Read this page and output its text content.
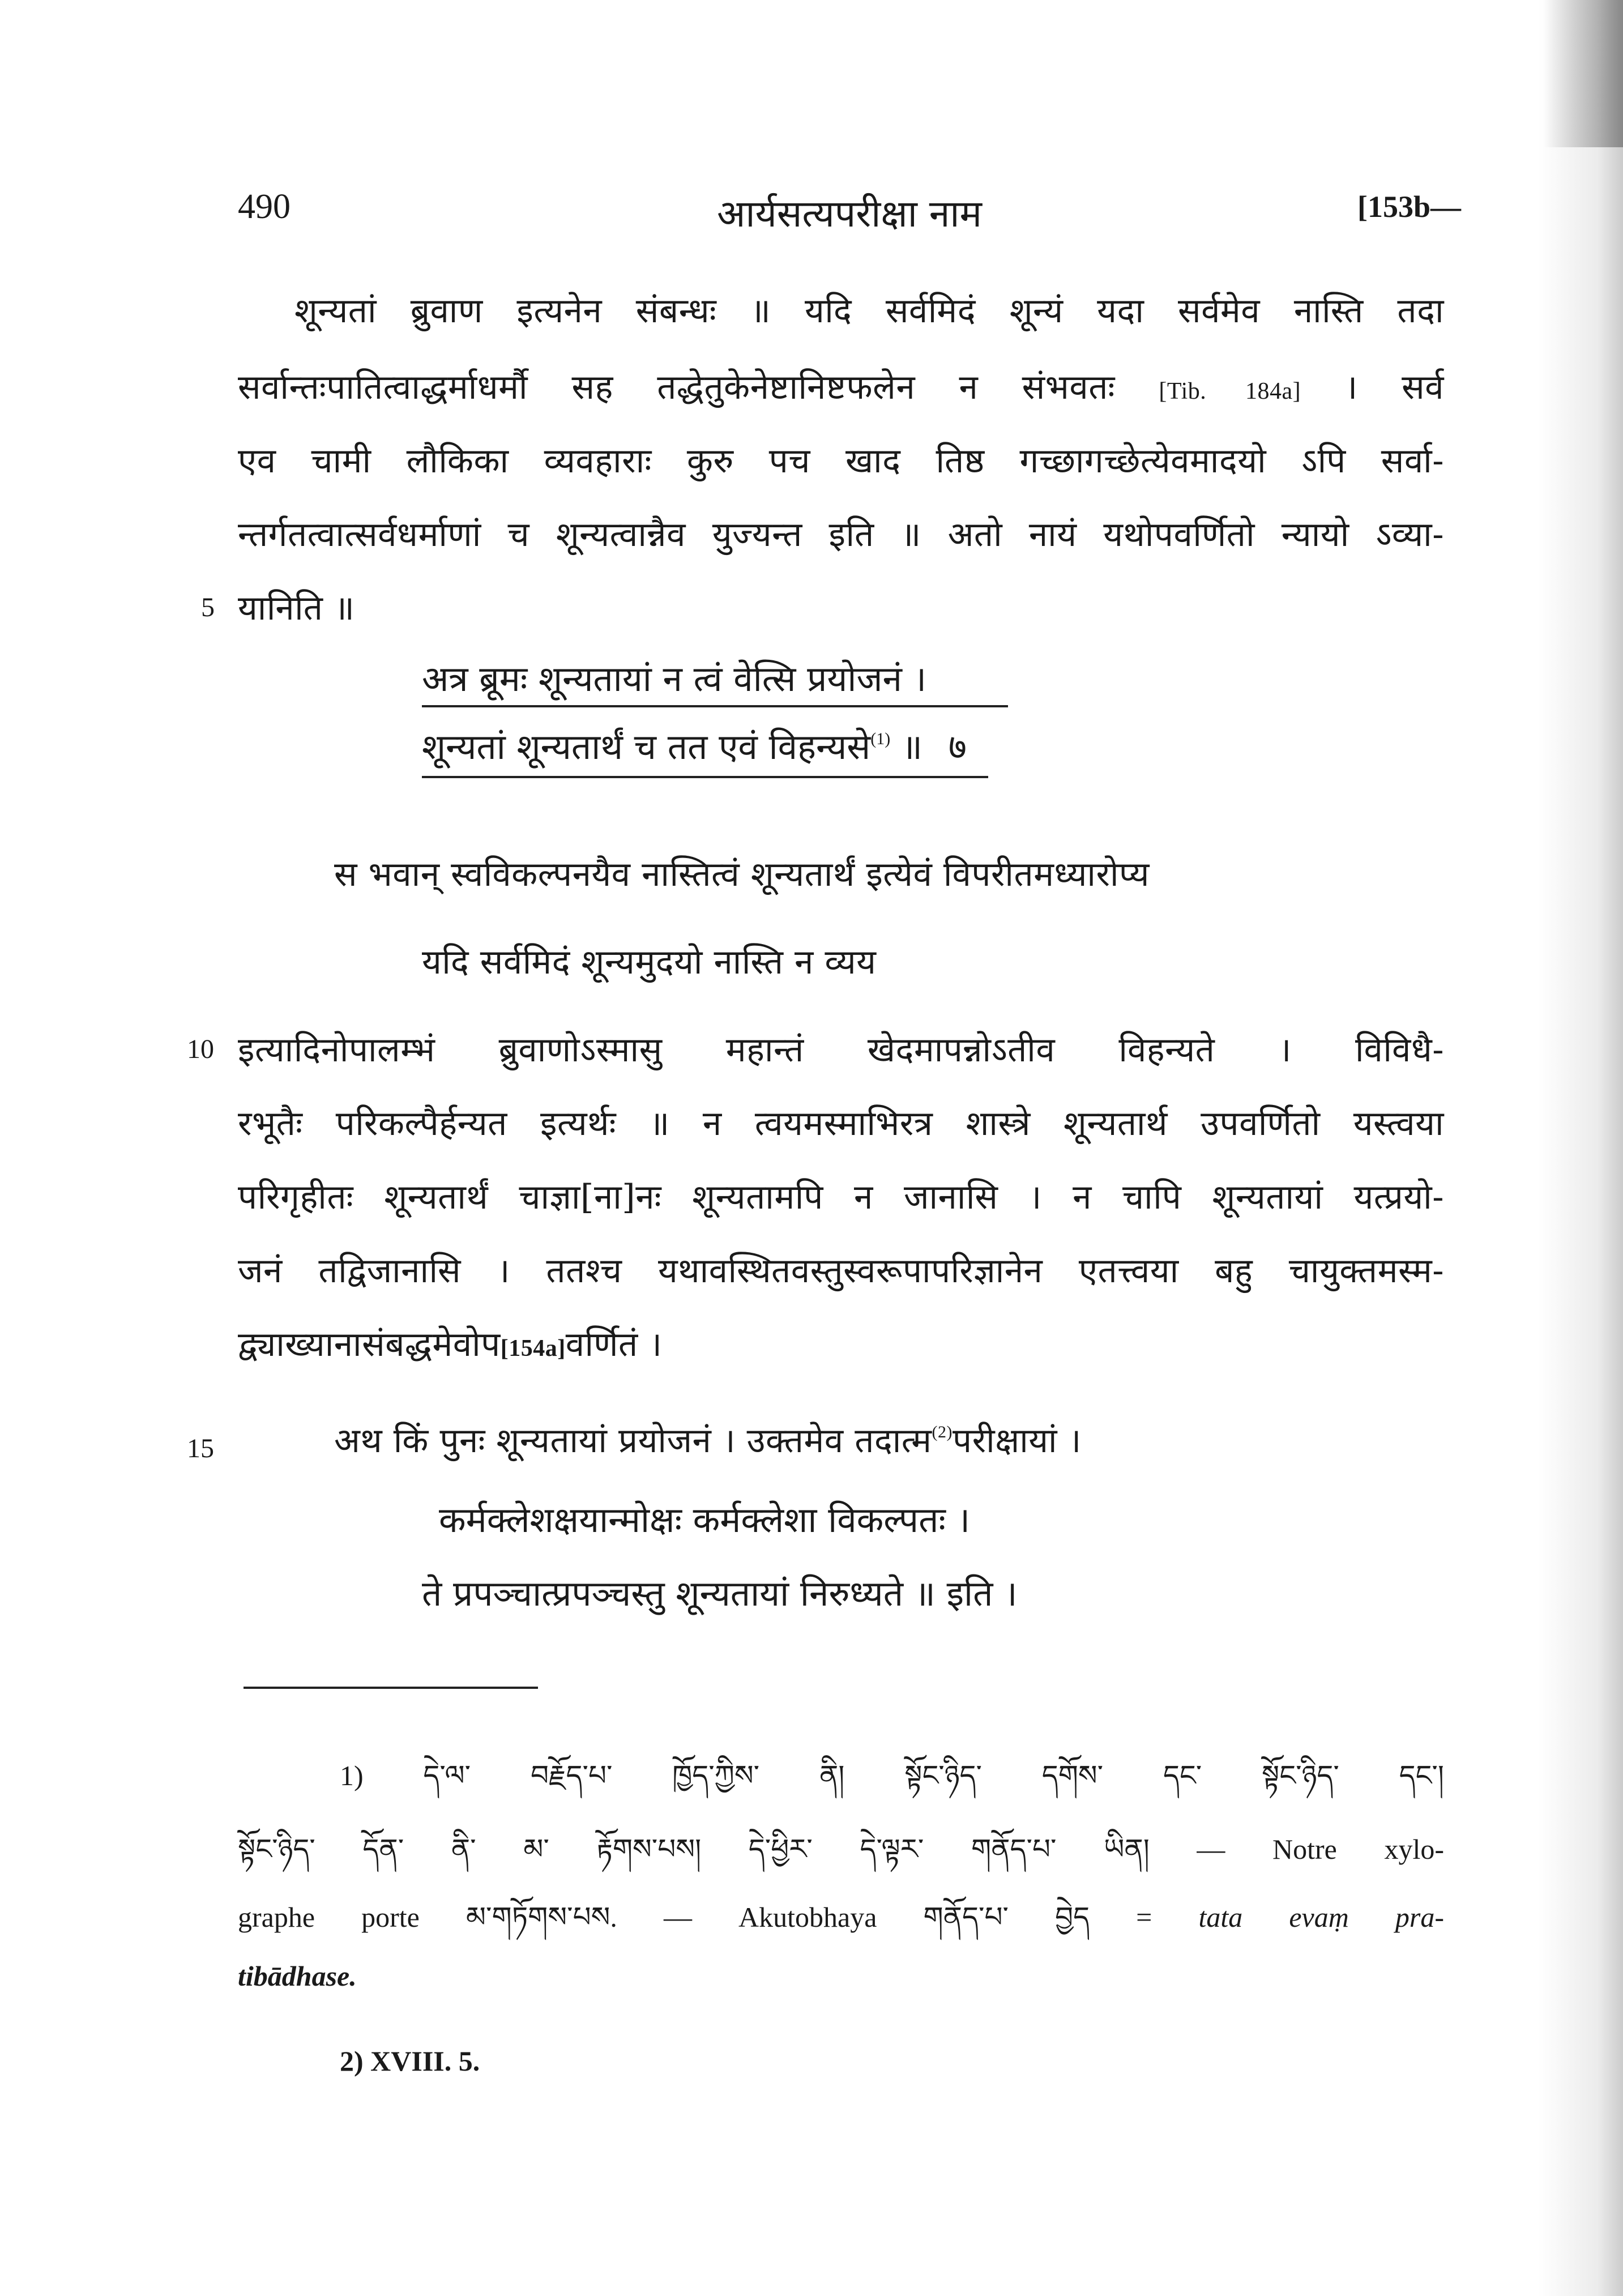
490	आर्यसत्यपरीक्षा नाम	[153b—
शून्यतां ब्रुवाण इत्यनेन संबन्धः ॥ यदि सर्वमिदं शून्यं यदा सर्वमेव नास्ति तदा
सर्वान्तःपातित्वाद्धर्माधर्मौ सह तद्धेतुकेनेष्टानिष्टफलेन न संभवतः [Tib. 184a] । सर्व
एव चामी लौकिका व्यवहाराः कुरु पच खाद तिष्ठ गच्छागच्छेत्येवमादयो ऽपि सर्वा-
न्तर्गतत्वात्सर्वधर्माणां च शून्यत्वान्नैव युज्यन्त इति ॥ अतो नायं यथोपवर्णितो न्यायो ऽव्या-
5 यानिति ॥
अत्र ब्रूमः शून्यतायां न त्वं वेत्सि प्रयोजनं ।
शून्यतां शून्यतार्थं च तत एवं विहन्यसे$^{(1)}$ ॥ ७
स भवान् स्वविकल्पनयैव नास्तित्वं शून्यतार्थं इत्येवं विपरीतमध्यारोप्य
यदि सर्वमिदं शून्यमुदयो नास्ति न व्यय
10 इत्यादिनोपालम्भं ब्रुवाणोऽस्मासु महान्तं खेदमापन्नोऽतीव विहन्यते । विविधै-
रभूतैः परिकल्पैर्हन्यत इत्यर्थः ॥ न त्वयमस्माभिरत्र शास्त्रे शून्यतार्थ उपवर्णितो यस्त्वया
परिगृहीतः शून्यतार्थं चाज्ञा[ना]नः शून्यतामपि न जानासि । न चापि शून्यतायां यत्प्रयो-
जनं तद्विजानासि । ततश्च यथावस्थितवस्तुस्वरूपापरिज्ञानेन एतत्त्वया बहु चायुक्तमस्म-
द्व्याख्यानासंबद्धमेवोप[154a]वर्णितं ।
15	अथ किं पुनः शून्यतायां प्रयोजनं । उक्तमेव तदात्म$^{(2)}$परीक्षायां ।
कर्मक्लेशक्षयान्मोक्षः कर्मक्लेशा विकल्पतः ।
ते प्रपञ्चात्प्रपञ्चस्तु शून्यतायां निरुध्यते ॥ इति ।
1) དེ་ལ་ བརྗོད་པ་ ཁྱོད་ཀྱིས་ ནི། སྟོང་ཉིད་ དགོས་ དང་ སྟོང་ཉིད་ དང་།
སྟོང་ཉིད་ དོན་ ནི་ མ་ རྟོགས་པས། དེ་ཕྱིར་ དེ་ལྟར་ གནོད་པ་ ཡིན། — Notre xylo-
graphe porte མ་གཏོགས་པས. — Akutobhaya གནོད་པ་ བྱེད = tata evaṃ pra-
tibādhase.
2) XVIII. 5.
